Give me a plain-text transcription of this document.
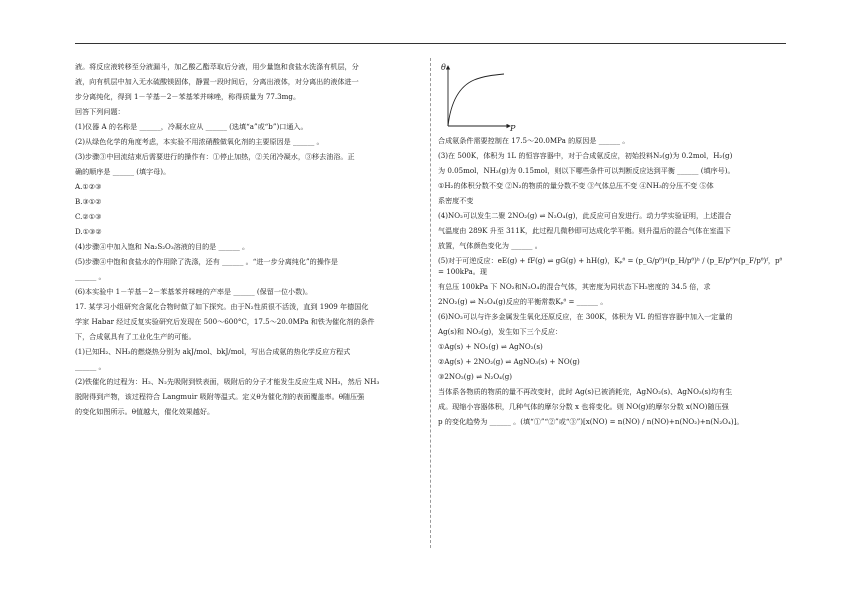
液。将反应液转移至分液漏斗，加乙酸乙酯萃取后分液，用少量饱和食盐水洗涤有机层，分

液，向有机层中加入无水硫酸镁固体，静置一段时间后，分离出液体，对分离出的液体进一

步分离纯化，得到 1－苄基－2－苯基苯并咪唑，称得质量为 77.3mg。

回答下列问题：

(1)仪器 A 的名称是 ______，冷凝水应从 ______ (选填“a”或“b”)口通入。

(2)从绿色化学的角度考虑，本实验不用浓硝酸做氧化剂的主要原因是 ______ 。

(3)步骤③中回流结束后需要进行的操作有：①停止加热，②关闭冷凝水，③移去油浴。正

确的顺序是 ______ (填字母)。

A.①②③

B.③①②

C.②①③

D.①③②

(4)步骤④中加入饱和 Na₂S₂O₃溶液的目的是 ______ 。

(5)步骤④中饱和食盐水的作用除了洗涤，还有 ______ 。“进一步分离纯化”的操作是

______ 。

(6)本实验中 1－苄基－2－苯基苯并咪唑的产率是 ______ (保留一位小数)。

17. 某学习小组研究含氮化合物时做了如下探究。由于N₂性质很不活泼，直到 1909 年德国化

学家 Habar 经过反复实验研究后发现在 500～600°C，17.5～20.0MPa 和铁为催化剂的条件

下，合成氨具有了工业化生产的可能。

(1)已知H₂、NH₃的燃烧热分别为 akJ/mol、bkJ/mol，写出合成氨的热化学反应方程式

______ 。

(2)铁催化的过程为：H₂、N₂先吸附到铁表面，吸附后的分子才能发生反应生成 NH₃，然后 NH₃

脱附得到产物，该过程符合 Langmuir 吸附等温式。定义θ为催化剂的表面覆盖率。θ随压强

的变化如图所示。θ值越大，催化效果越好。

θ
P

合成氨条件需要控制在 17.5～20.0MPa 的原因是 ______ 。

(3)在 500K，体积为 1L 的恒容容器中，对于合成氨反应，初始投料N₂(g)为 0.2mol，H₂(g)

为 0.05mol，NH₃(g)为 0.15mol，则以下哪些条件可以判断反应达到平衡 ______ (填序号)。

①H₂的体积分数不变 ②N₂的物质的量分数不变 ③气体总压不变 ④NH₃的分压不变 ⑤体

系密度不变

(4)NO₂可以发生二聚 2NO₂(g) ⇌ N₂O₄(g)，此反应可自发进行。动力学实验证明，上述混合

气温度由 289K 升至 311K，此过程几微秒即可达成化学平衡。则升温后的混合气体在室温下

放置，气体颜色变化为 ______ 。

(5)对于可逆反应：eE(g) + fF(g) ⇌ gG(g) + hH(g)，Kₚᶿ = (p_G/pᶿ)ᵍ(p_H/pᶿ)ʰ / (p_E/pᶿ)ᵉ(p_F/pᶿ)ᶠ，pᶿ = 100kPa。现

有总压 100kPa 下 NO₂和N₂O₄的混合气体，其密度为同状态下H₂密度的 34.5 倍，求

2NO₂(g) ⇌ N₂O₄(g)反应的平衡常数Kₚᶿ = ______ 。

(6)NO₂可以与许多金属发生氧化还原反应，在 300K，体积为 VL 的恒容容器中加入一定量的

Ag(s)和 NO₂(g)，发生如下三个反应：

①Ag(s) + NO₂(g) ⇌ AgNO₂(s)

②Ag(s) + 2NO₂(g) ⇌ AgNO₃(s) + NO(g)

③2NO₂(g) ⇌ N₂O₄(g)

当体系各物质的物质的量不再改变时，此时 Ag(s)已被消耗完，AgNO₂(s)、AgNO₃(s)均有生

成。现缩小容器体积，几种气体的摩尔分数 x 也将变化。则 NO(g)的摩尔分数 x(NO)随压强

p 的变化趋势为 ______ 。(填“①”“②”或“③”)[x(NO) = n(NO) / n(NO)+n(NO₂)+n(N₂O₄)]。
